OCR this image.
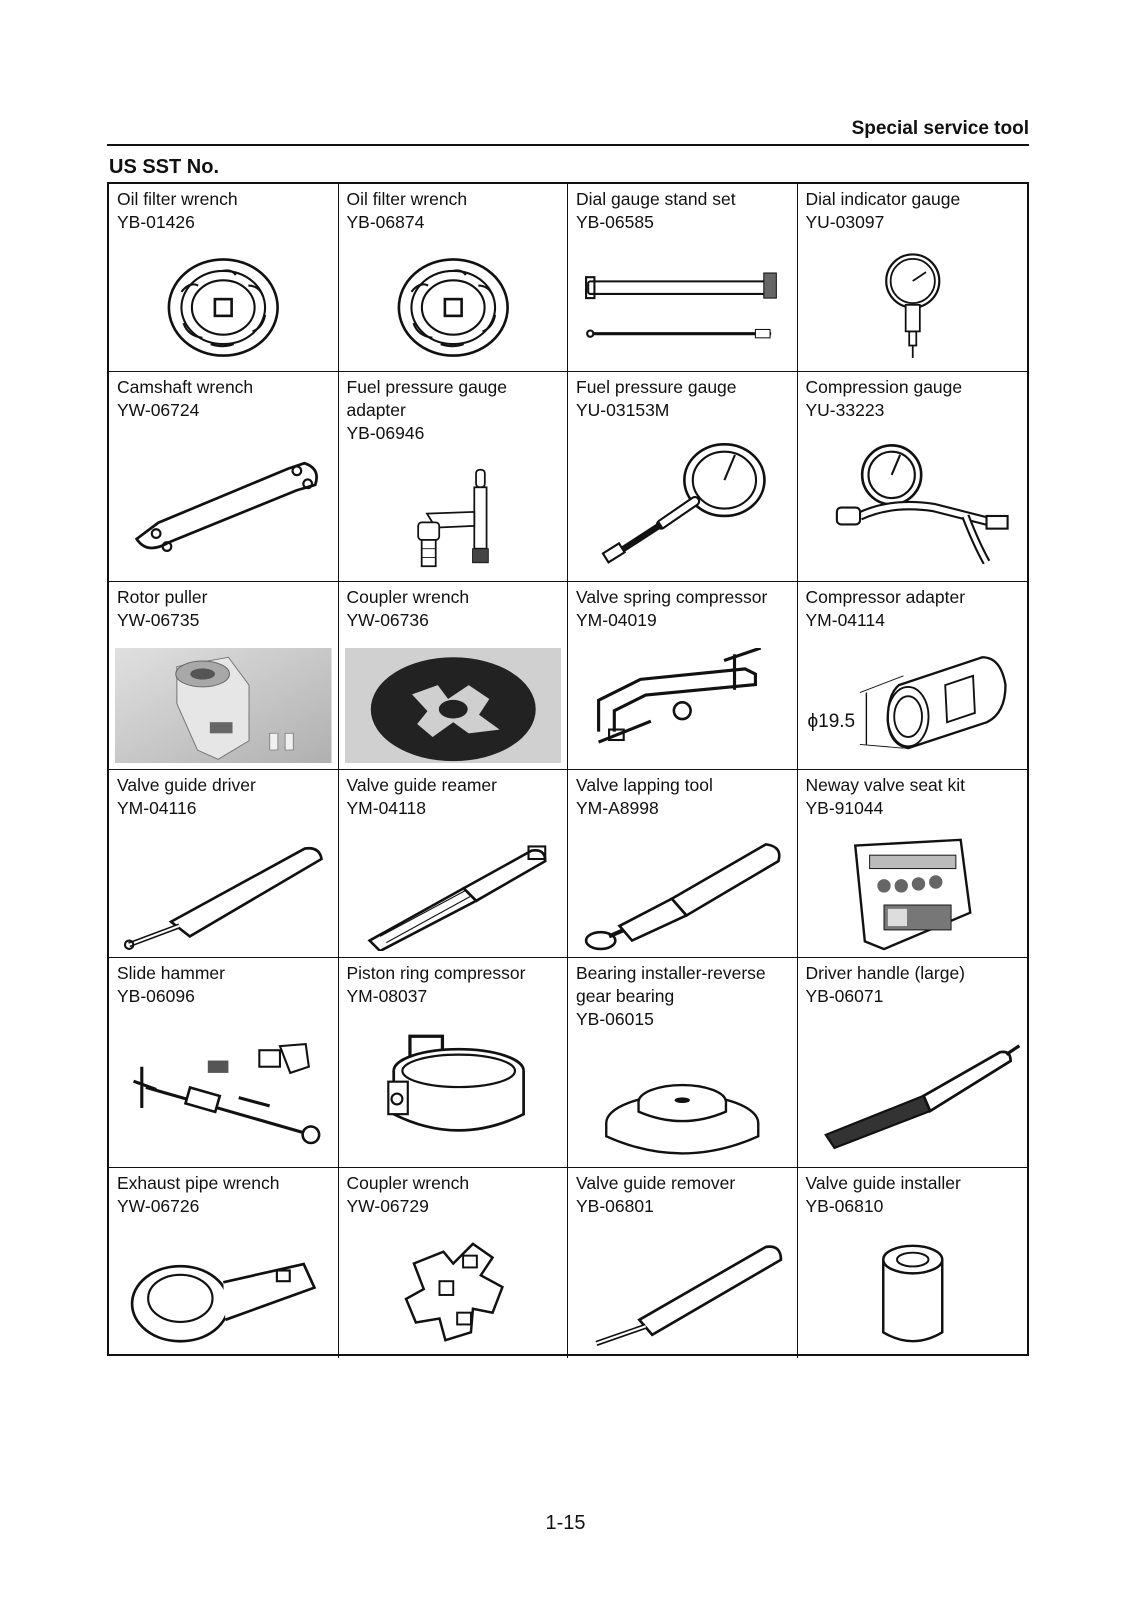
Special service tool
US SST No.
Oil filter wrench
YB-01426
Oil filter wrench
YB-06874
Dial gauge stand set
YB-06585
Dial indicator gauge
YU-03097
Camshaft wrench
YW-06724
Fuel pressure gauge
adapter
YB-06946
Fuel pressure gauge
YU-03153M
Compression gauge
YU-33223
Rotor puller
YW-06735
Coupler wrench
YW-06736
Valve spring compressor
YM-04019
Compressor adapter
YM-04114
ϕ19.5
Valve guide driver
YM-04116
Valve guide reamer
YM-04118
Valve lapping tool
YM-A8998
Neway valve seat kit
YB-91044
Slide hammer
YB-06096
Piston ring compressor
YM-08037
Bearing installer-reverse
gear bearing
YB-06015
Driver handle (large)
YB-06071
Exhaust pipe wrench
YW-06726
Coupler wrench
YW-06729
Valve guide remover
YB-06801
Valve guide installer
YB-06810
1-15
